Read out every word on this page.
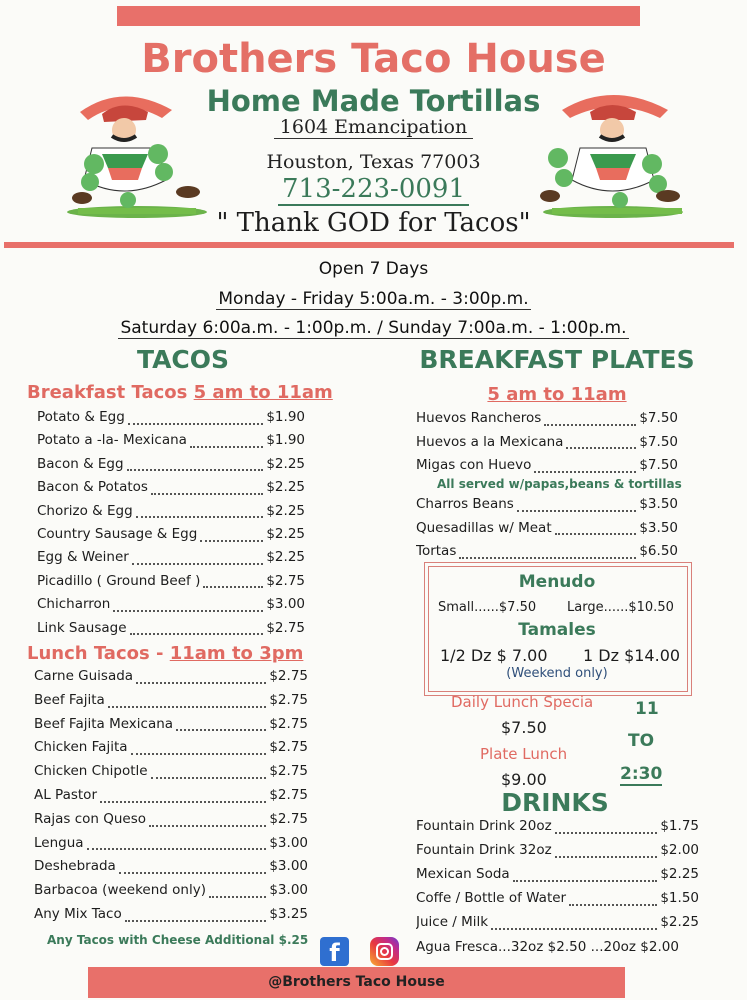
Brothers Taco House
Home Made Tortillas
1604 Emancipation
Houston, Texas 77003
713-223-0091
" Thank GOD for Tacos"
Open 7 Days
Monday - Friday 5:00a.m. - 3:00p.m.
Saturday 6:00a.m. - 1:00p.m. / Sunday 7:00a.m. - 1:00p.m.
TACOS
Breakfast Tacos 5 am to 11am
Potato & Egg	$1.90
Potato a -la- Mexicana	$1.90
Bacon & Egg	$2.25
Bacon & Potatos	$2.25
Chorizo & Egg	$2.25
Country Sausage & Egg	$2.25
Egg & Weiner	$2.25
Picadillo ( Ground Beef )	$2.75
Chicharron	$3.00
Link Sausage	$2.75
Lunch Tacos - 11am to 3pm
Carne Guisada	$2.75
Beef Fajita	$2.75
Beef Fajita Mexicana	$2.75
Chicken Fajita	$2.75
Chicken Chipotle	$2.75
AL Pastor	$2.75
Rajas con Queso	$2.75
Lengua	$3.00
Deshebrada	$3.00
Barbacoa (weekend only)	$3.00
Any Mix Taco	$3.25
Any Tacos with Cheese Additional $.25
BREAKFAST PLATES
5 am to 11am
Huevos Rancheros	$7.50
Huevos a la Mexicana	$7.50
Migas con Huevo	$7.50
All served w/papas,beans & tortillas
Charros Beans	$3.50
Quesadillas w/ Meat	$3.50
Tortas	$6.50
Menudo
Small......$7.50 Large......$10.50
Tamales
1/2 Dz $ 7.00 1 Dz $14.00
(Weekend only)
Daily Lunch Specia
$7.50
Plate Lunch
$9.00
11
TO
2:30
DRINKS
Fountain Drink 20oz	$1.75
Fountain Drink 32oz	$2.00
Mexican Soda	$2.25
Coffe / Bottle of Water	$1.50
Juice / Milk	$2.25
Agua Fresca...32oz $2.50 ...20oz $2.00
f
@Brothers Taco House
